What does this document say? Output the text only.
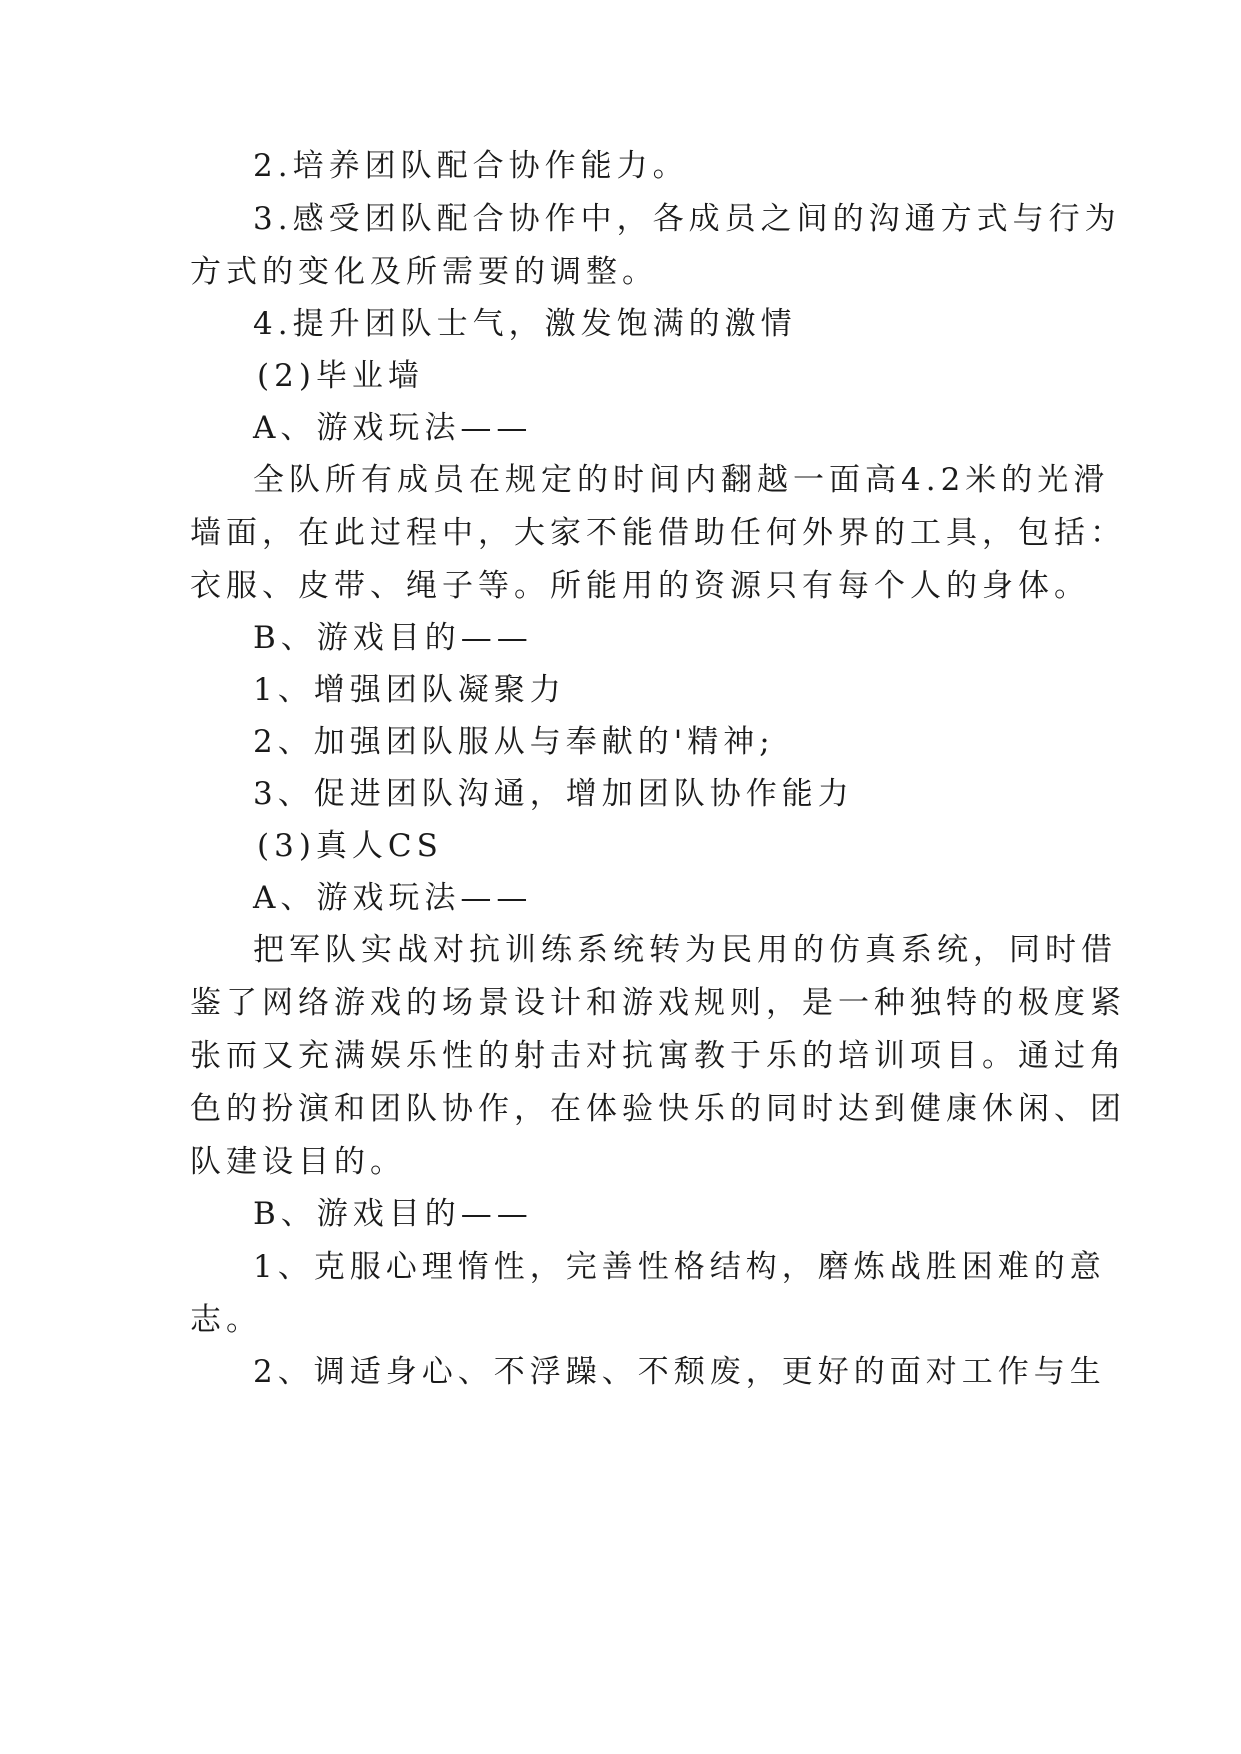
2.培养团队配合协作能力。
3.感受团队配合协作中，各成员之间的沟通方式与行为
方式的变化及所需要的调整。
4.提升团队士气，激发饱满的激情
(2)毕业墙
A、游戏玩法——
全队所有成员在规定的时间内翻越一面高4.2米的光滑
墙面，在此过程中，大家不能借助任何外界的工具，包括：
衣服、皮带、绳子等。所能用的资源只有每个人的身体。
B、游戏目的——
1、增强团队凝聚力
2、加强团队服从与奉献的'精神;
3、促进团队沟通，增加团队协作能力
(3)真人CS
A、游戏玩法——
把军队实战对抗训练系统转为民用的仿真系统，同时借
鉴了网络游戏的场景设计和游戏规则，是一种独特的极度紧
张而又充满娱乐性的射击对抗寓教于乐的培训项目。通过角
色的扮演和团队协作，在体验快乐的同时达到健康休闲、团
队建设目的。
B、游戏目的——
1、克服心理惰性，完善性格结构，磨炼战胜困难的意
志。
2、调适身心、不浮躁、不颓废，更好的面对工作与生
